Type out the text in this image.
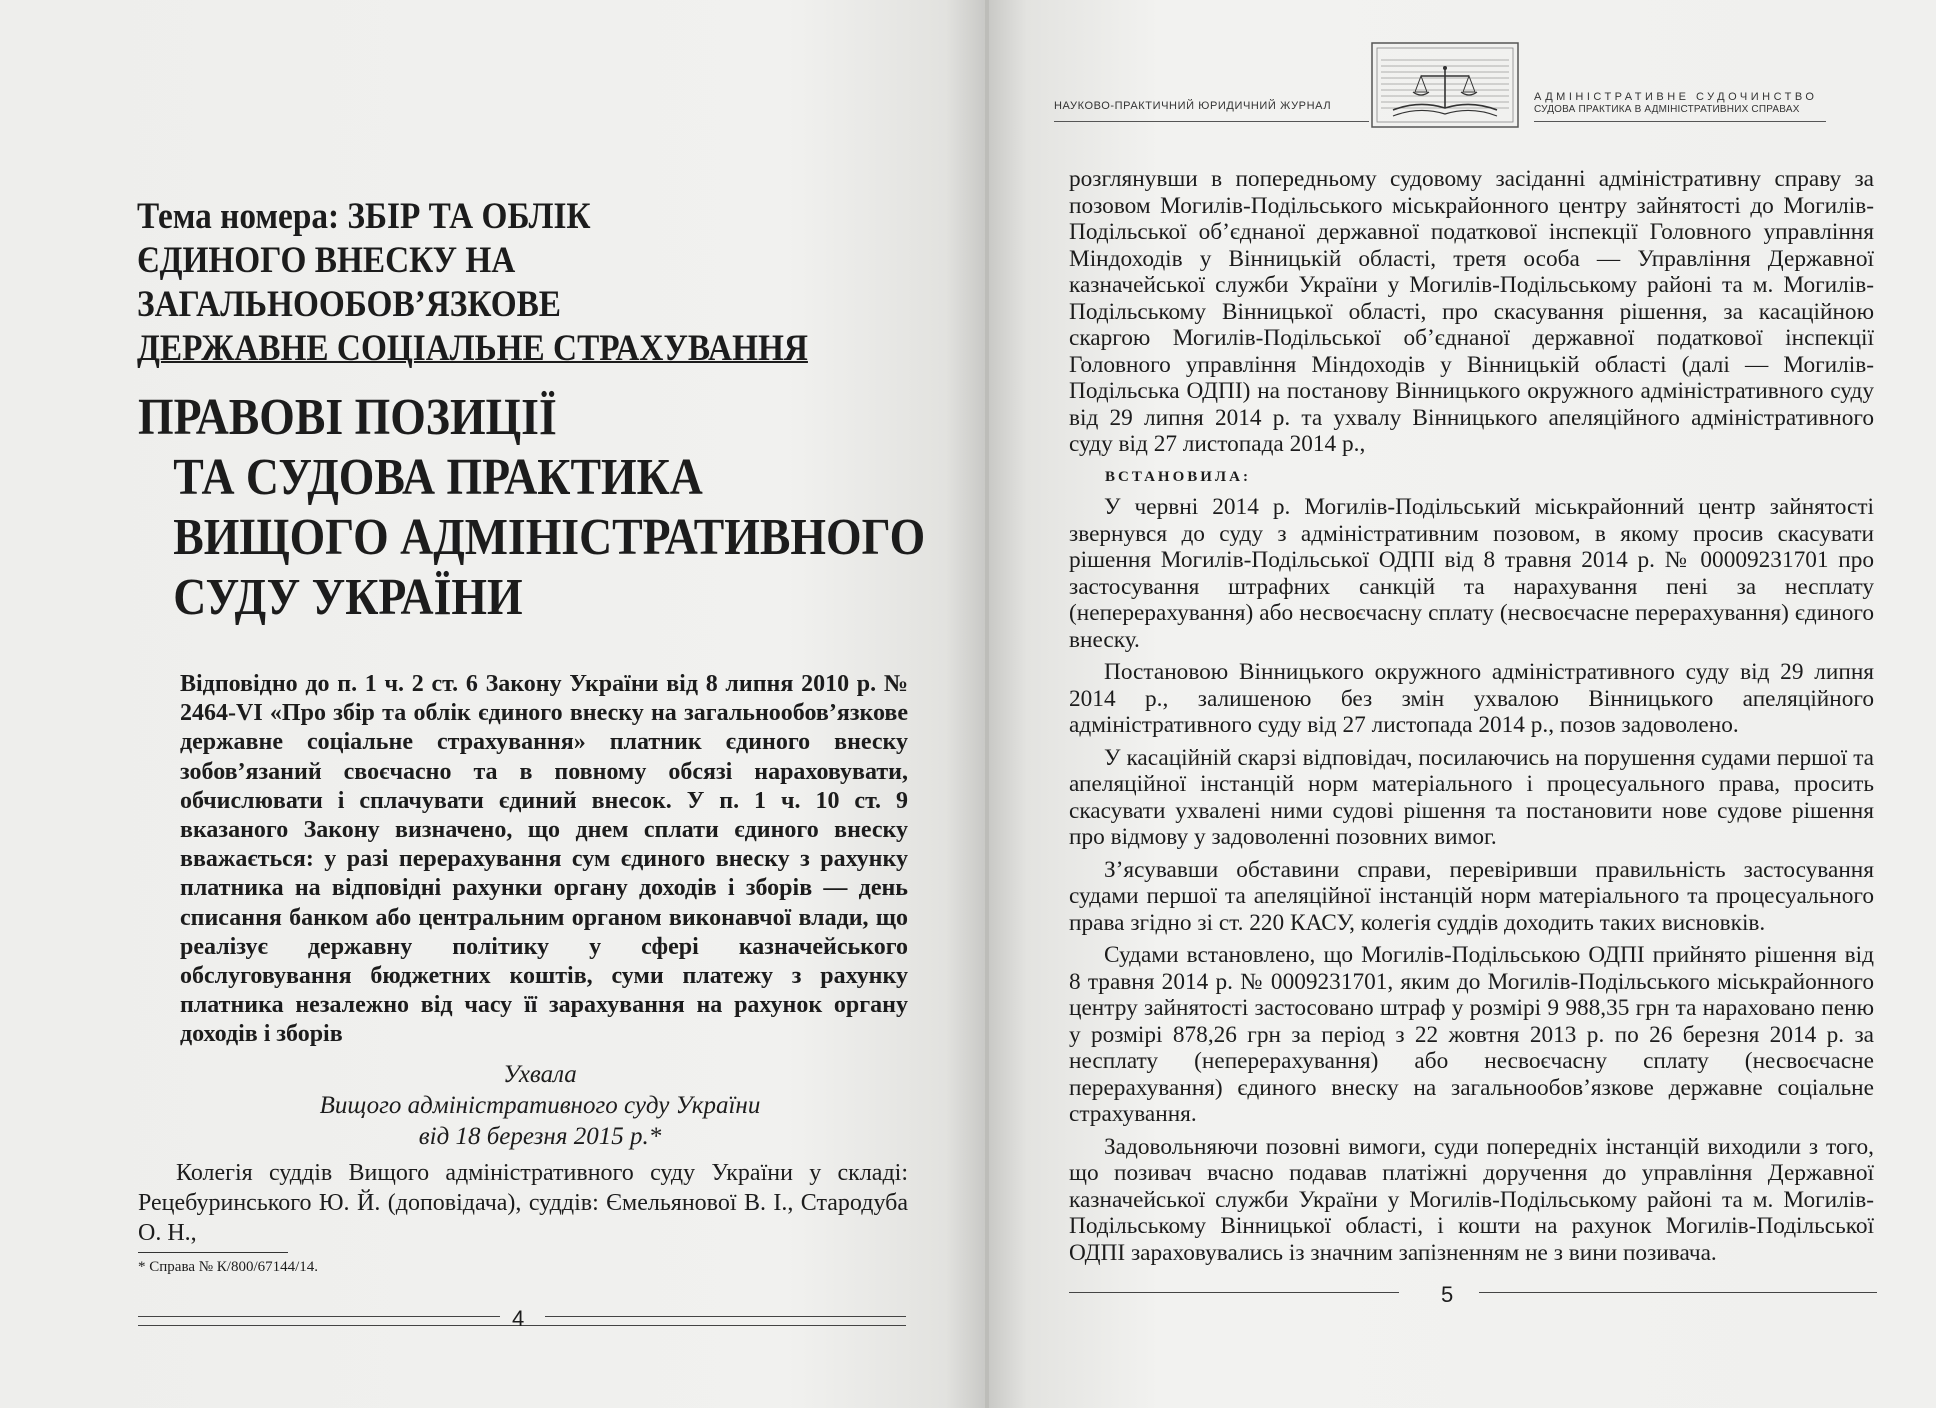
Тема номера: ЗБІР ТА ОБЛІК
ЄДИНОГО ВНЕСКУ НА ЗАГАЛЬНООБОВ’ЯЗКОВЕ
ДЕРЖАВНЕ СОЦІАЛЬНЕ СТРАХУВАННЯ
ПРАВОВІ ПОЗИЦІЇ
ТА СУДОВА ПРАКТИКА
ВИЩОГО АДМІНІСТРАТИВНОГО
СУДУ УКРАЇНИ
Відповідно до п. 1 ч. 2 ст. 6 Закону України від 8 липня 2010 р. № 2464-VI «Про збір та облік єдиного внеску на загальнообов’язкове державне соціальне страхування» платник єдиного внеску зобов’язаний своєчасно та в повному обсязі нараховувати, обчислювати і сплачувати єдиний внесок. У п. 1 ч. 10 ст. 9 вказаного Закону визначено, що днем сплати єдиного внеску вважається: у разі перерахування сум єдиного внеску з рахунку платника на відповідні рахунки органу доходів і зборів — день списання банком або центральним органом виконавчої влади, що реалізує державну політику у сфері казначейського обслуговування бюджетних коштів, суми платежу з рахунку платника незалежно від часу її зарахування на рахунок органу доходів і зборів
Ухвала
Вищого адміністративного суду України
від 18 березня 2015 р.*
Колегія суддів Вищого адміністративного суду України у складі: Рецебуринського Ю. Й. (доповідача), суддів: Ємельянової В. І., Стародуба О. Н.,
* Справа № К/800/67144/14.
4
НАУКОВО-ПРАКТИЧНИЙ ЮРИДИЧНИЙ ЖУРНАЛ
АДМІНІСТРАТИВНЕ СУДОЧИНСТВО
СУДОВА ПРАКТИКА В АДМІНІСТРАТИВНИХ СПРАВАХ

розглянувши в попередньому судовому засіданні адміністративну справу за позовом Могилів-Подільського міськрайонного центру зайнятості до Могилів-Подільської об’єднаної державної податкової інспекції Головного управління Міндоходів у Вінницькій області, третя особа — Управління Державної казначейської служби України у Могилів-Подільському районі та м. Могилів-Подільському Вінницької області, про скасування рішення, за касаційною скаргою Могилів-Подільської об’єднаної державної податкової інспекції Головного управління Міндоходів у Вінницькій області (далі — Могилів-Подільська ОДПІ) на постанову Вінницького окружного адміністративного суду від 29 липня 2014 р. та ухвалу Вінницького апеляційного адміністративного суду від 27 листопада 2014 р.,

ВСТАНОВИЛА:

У червні 2014 р. Могилів-Подільський міськрайонний центр зайнятості звернувся до суду з адміністративним позовом, в якому просив скасувати рішення Могилів-Подільської ОДПІ від 8 травня 2014 р. № 00009231701 про застосування штрафних санкцій та нарахування пені за несплату (неперерахування) або несвоєчасну сплату (несвоєчасне перерахування) єдиного внеску.

Постановою Вінницького окружного адміністративного суду від 29 липня 2014 р., залишеною без змін ухвалою Вінницького апеляційного адміністративного суду від 27 листопада 2014 р., позов задоволено.

У касаційній скарзі відповідач, посилаючись на порушення судами першої та апеляційної інстанцій норм матеріального і процесуального права, просить скасувати ухвалені ними судові рішення та постановити нове судове рішення про відмову у задоволенні позовних вимог.

З’ясувавши обставини справи, перевіривши правильність застосування судами першої та апеляційної інстанцій норм матеріального та процесуального права згідно зі ст. 220 КАСУ, колегія суддів доходить таких висновків.

Судами встановлено, що Могилів-Подільською ОДПІ прийнято рішення від 8 травня 2014 р. № 0009231701, яким до Могилів-Подільського міськрайонного центру зайнятості застосовано штраф у розмірі 9 988,35 грн та нараховано пеню у розмірі 878,26 грн за період з 22 жовтня 2013 р. по 26 березня 2014 р. за несплату (неперерахування) або несвоєчасну сплату (несвоєчасне перерахування) єдиного внеску на загальнообов’язкове державне соціальне страхування.

Задовольняючи позовні вимоги, суди попередніх інстанцій виходили з того, що позивач вчасно подавав платіжні доручення до управління Державної казначейської служби України у Могилів-Подільському районі та м. Могилів-Подільському Вінницької області, і кошти на рахунок Могилів-Подільської ОДПІ зараховувались із значним запізненням не з вини позивача.

5
